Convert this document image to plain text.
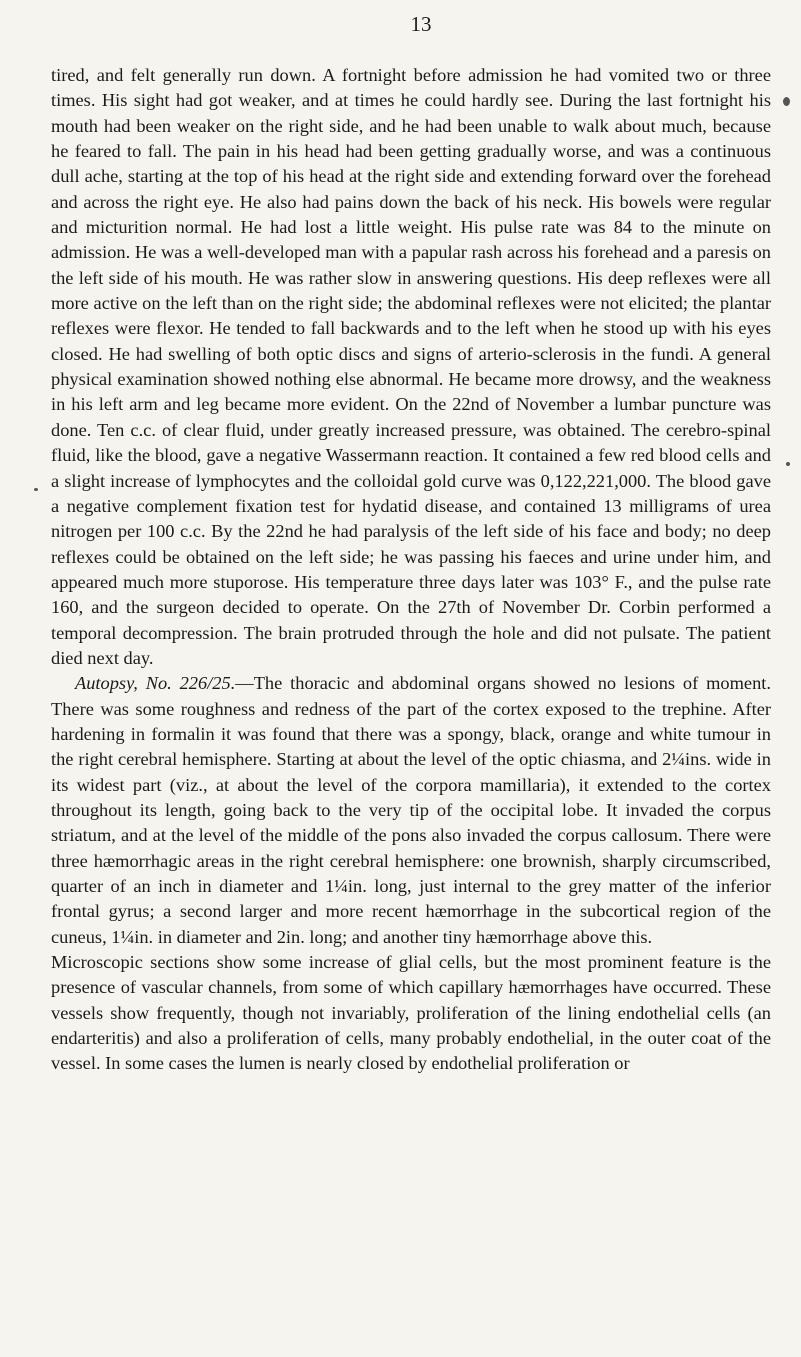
13

tired, and felt generally run down. A fortnight before admission he had vomited two or three times. His sight had got weaker, and at times he could hardly see. During the last fortnight his mouth had been weaker on the right side, and he had been unable to walk about much, because he feared to fall. The pain in his head had been getting gradually worse, and was a continuous dull ache, starting at the top of his head at the right side and extending forward over the forehead and across the right eye. He also had pains down the back of his neck. His bowels were regular and micturition normal. He had lost a little weight. His pulse rate was 84 to the minute on admission. He was a well-developed man with a papular rash across his forehead and a paresis on the left side of his mouth. He was rather slow in answering questions. His deep reflexes were all more active on the left than on the right side; the abdominal reflexes were not elicited; the plantar reflexes were flexor. He tended to fall backwards and to the left when he stood up with his eyes closed. He had swelling of both optic discs and signs of arterio-sclerosis in the fundi. A general physical examination showed nothing else abnormal. He became more drowsy, and the weakness in his left arm and leg became more evident. On the 22nd of November a lumbar puncture was done. Ten c.c. of clear fluid, under greatly increased pressure, was obtained. The cerebro-spinal fluid, like the blood, gave a negative Wassermann reaction. It contained a few red blood cells and a slight increase of lymphocytes and the colloidal gold curve was 0,122,221,000. The blood gave a negative complement fixation test for hydatid disease, and contained 13 milligrams of urea nitrogen per 100 c.c. By the 22nd he had paralysis of the left side of his face and body; no deep reflexes could be obtained on the left side; he was passing his faeces and urine under him, and appeared much more stuporose. His temperature three days later was 103° F., and the pulse rate 160, and the surgeon decided to operate. On the 27th of November Dr. Corbin performed a temporal decompression. The brain protruded through the hole and did not pulsate. The patient died next day.

Autopsy, No. 226/25.—The thoracic and abdominal organs showed no lesions of moment. There was some roughness and redness of the part of the cortex exposed to the trephine. After hardening in formalin it was found that there was a spongy, black, orange and white tumour in the right cerebral hemisphere. Starting at about the level of the optic chiasma, and 2¼ins. wide in its widest part (viz., at about the level of the corpora mamillaria), it extended to the cortex throughout its length, going back to the very tip of the occipital lobe. It invaded the corpus striatum, and at the level of the middle of the pons also invaded the corpus callosum. There were three hæmorrhagic areas in the right cerebral hemisphere: one brownish, sharply circumscribed, quarter of an inch in diameter and 1¼in. long, just internal to the grey matter of the inferior frontal gyrus; a second larger and more recent hæmorrhage in the subcortical region of the cuneus, 1¼in. in diameter and 2in. long; and another tiny hæmorrhage above this.

Microscopic sections show some increase of glial cells, but the most prominent feature is the presence of vascular channels, from some of which capillary hæmorrhages have occurred. These vessels show frequently, though not invariably, proliferation of the lining endothelial cells (an endarteritis) and also a proliferation of cells, many probably endothelial, in the outer coat of the vessel. In some cases the lumen is nearly closed by endothelial proliferation or
